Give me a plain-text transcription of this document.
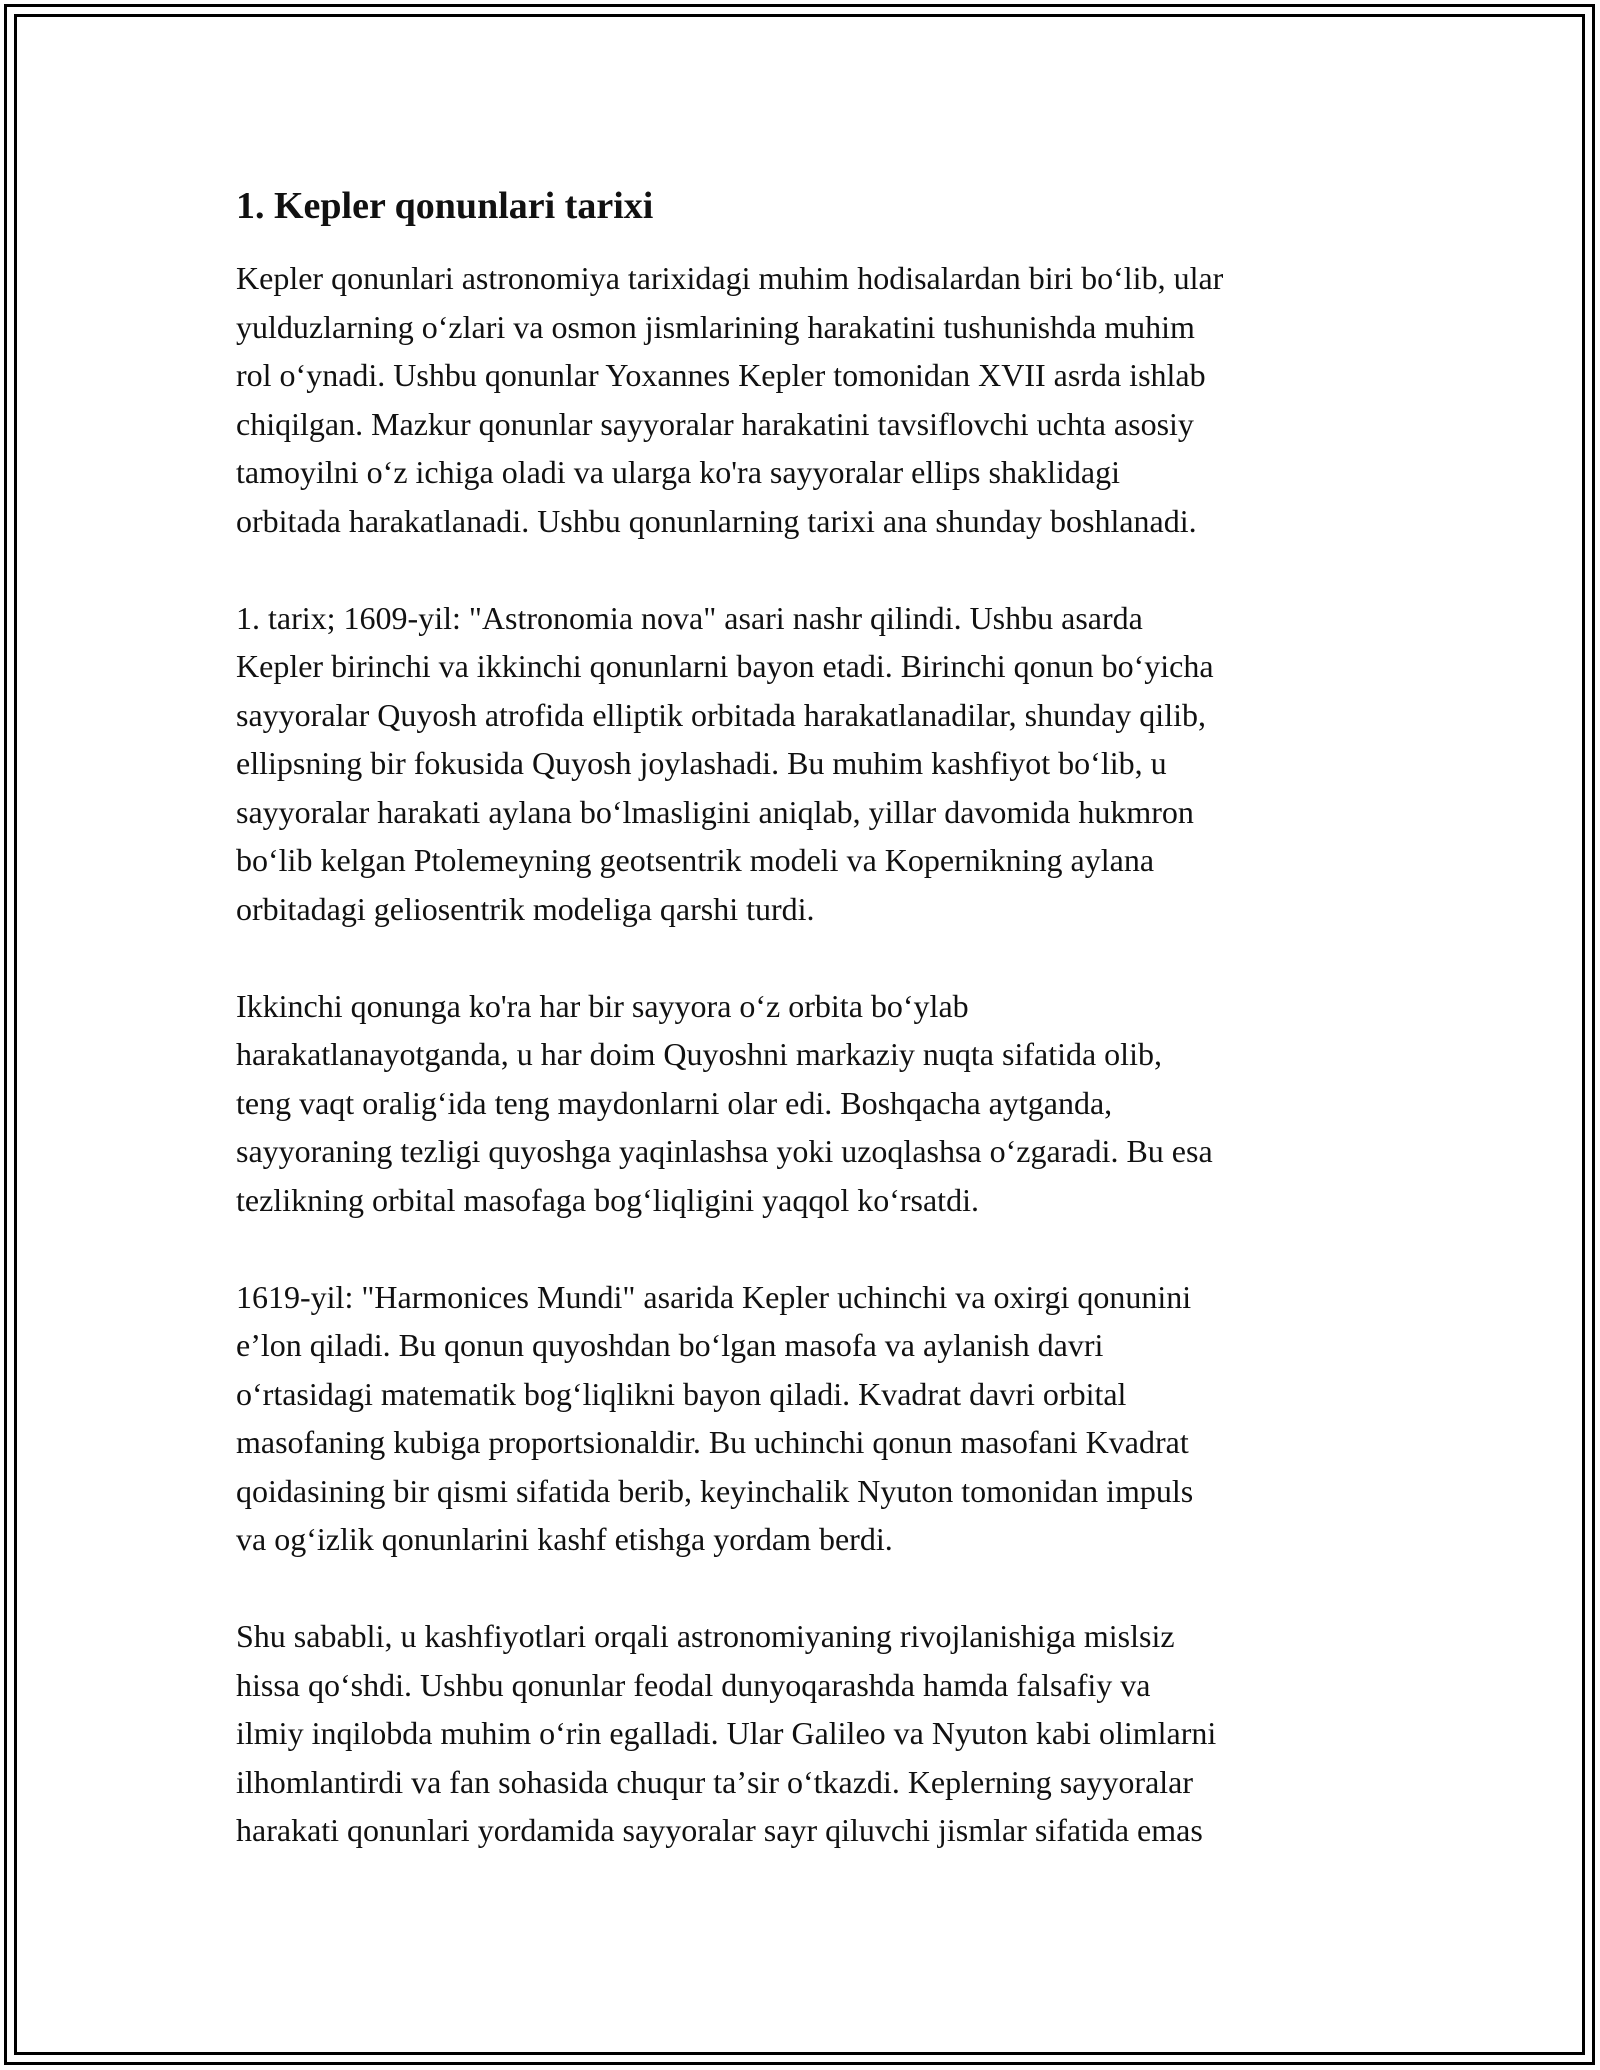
1. Kepler qonunlari tarixi
Kepler qonunlari astronomiya tarixidagi muhim hodisalardan biri boʻlib, ular
yulduzlarning oʻzlari va osmon jismlarining harakatini tushunishda muhim
rol oʻynadi. Ushbu qonunlar Yoxannes Kepler tomonidan XVII asrda ishlab
chiqilgan. Mazkur qonunlar sayyoralar harakatini tavsiflovchi uchta asosiy
tamoyilni oʻz ichiga oladi va ularga ko'ra sayyoralar ellips shaklidagi
orbitada harakatlanadi. Ushbu qonunlarning tarixi ana shunday boshlanadi.
1. tarix; 1609-yil: "Astronomia nova" asari nashr qilindi. Ushbu asarda
Kepler birinchi va ikkinchi qonunlarni bayon etadi. Birinchi qonun boʻyicha
sayyoralar Quyosh atrofida elliptik orbitada harakatlanadilar, shunday qilib,
ellipsning bir fokusida Quyosh joylashadi. Bu muhim kashfiyot boʻlib, u
sayyoralar harakati aylana boʻlmasligini aniqlab, yillar davomida hukmron
boʻlib kelgan Ptolemeyning geotsentrik modeli va Kopernikning aylana
orbitadagi geliosentrik modeliga qarshi turdi.
Ikkinchi qonunga ko'ra har bir sayyora oʻz orbita boʻylab
harakatlanayotganda, u har doim Quyoshni markaziy nuqta sifatida olib,
teng vaqt oraligʻida teng maydonlarni olar edi. Boshqacha aytganda,
sayyoraning tezligi quyoshga yaqinlashsa yoki uzoqlashsa oʻzgaradi. Bu esa
tezlikning orbital masofaga bogʻliqligini yaqqol koʻrsatdi.
1619-yil: "Harmonices Mundi" asarida Kepler uchinchi va oxirgi qonunini
eʼlon qiladi. Bu qonun quyoshdan boʻlgan masofa va aylanish davri
oʻrtasidagi matematik bogʻliqlikni bayon qiladi. Kvadrat davri orbital
masofaning kubiga proportsionaldir. Bu uchinchi qonun masofani Kvadrat
qoidasining bir qismi sifatida berib, keyinchalik Nyuton tomonidan impuls
va ogʻizlik qonunlarini kashf etishga yordam berdi.
Shu sababli, u kashfiyotlari orqali astronomiyaning rivojlanishiga mislsiz
hissa qoʻshdi. Ushbu qonunlar feodal dunyoqarashda hamda falsafiy va
ilmiy inqilobda muhim oʻrin egalladi. Ular Galileo va Nyuton kabi olimlarni
ilhomlantirdi va fan sohasida chuqur taʼsir oʻtkazdi. Keplerning sayyoralar
harakati qonunlari yordamida sayyoralar sayr qiluvchi jismlar sifatida emas
